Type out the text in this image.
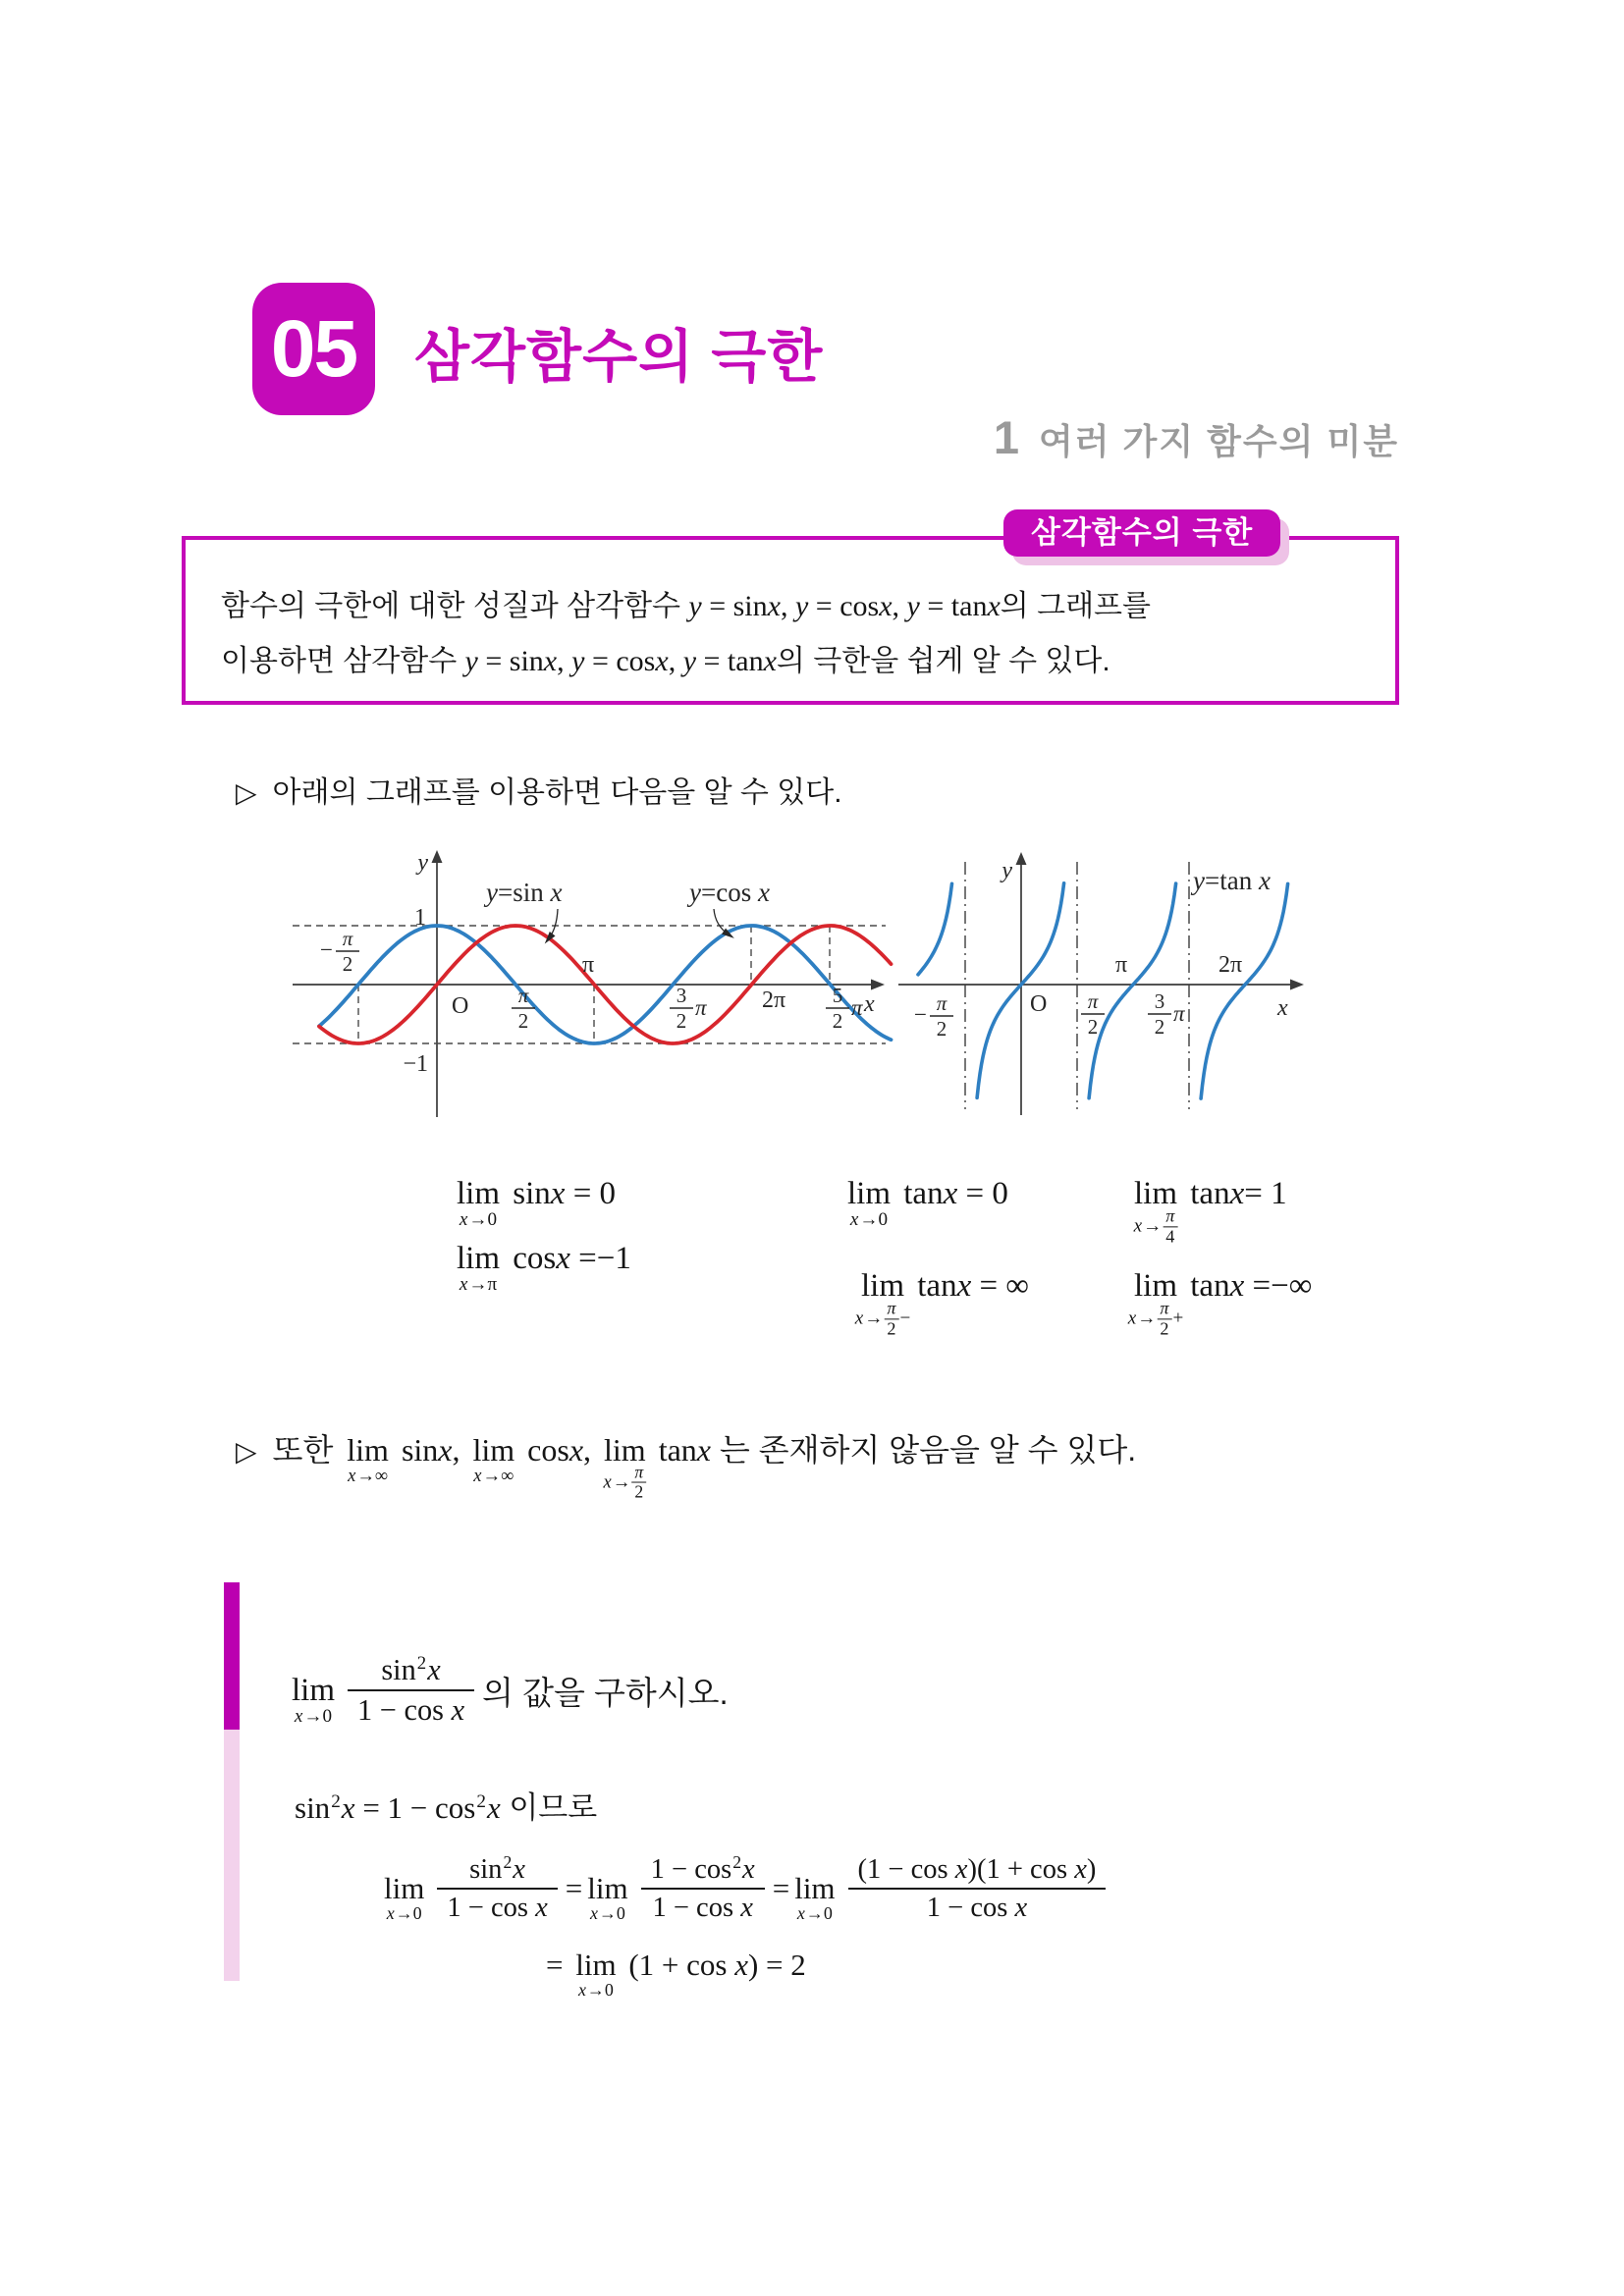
05 삼각함수의 극한
1 여러 가지 함수의 미분
함수의 극한에 대한 성질과 삼각함수 y = sinx, y = cosx, y = tanx의 그래프를
이용하면 삼각함수 y = sinx, y = cosx, y = tanx의 극한을 쉽게 알 수 있다.
삼각함수의 극한
▷ 아래의 그래프를 이용하면 다음을 알 수 있다.
y
1
−1
π
2
−
O π
2
π
3
2
π 2π 5
2
π x
y=sin x	y=cos x
y
π
2
−	O π
2
π
3
2
π
2π
x
y=tan x
lim
x →0
sinx = 0
lim
x →π
cosx =−1
lim
x →0
tanx = 0
lim
x →
π
2 −
tanx = ∞
lim
x →
π
4
tanx= 1
lim
x →
π
2 +
tanx =−∞
▷ 또한 lim
x →∞
sinx, lim
x →∞
cosx, lim
x → π
2
tanx 는 존재하지 않음을 알 수 있다.
lim
$x \to 0 \frac{\sin^2x}{\text{1 − cos x}}$ 의 값을 구하시오.
$\sin^2x = 1 - \cos^2x$ 이므로
lim
$x \to 0 \frac{\sin^2x}{\text{1 − cos x}} = \lim$
$x \to 0 \frac{1 - \cos^2x}{\text{1 − cos x}} = \lim$
$x \to 0 \frac{\text{(1 − cos x)(1 + cos x)}}{\text{1 − cos x}}$
= lim
x →0
(1 + cos x) = 2
